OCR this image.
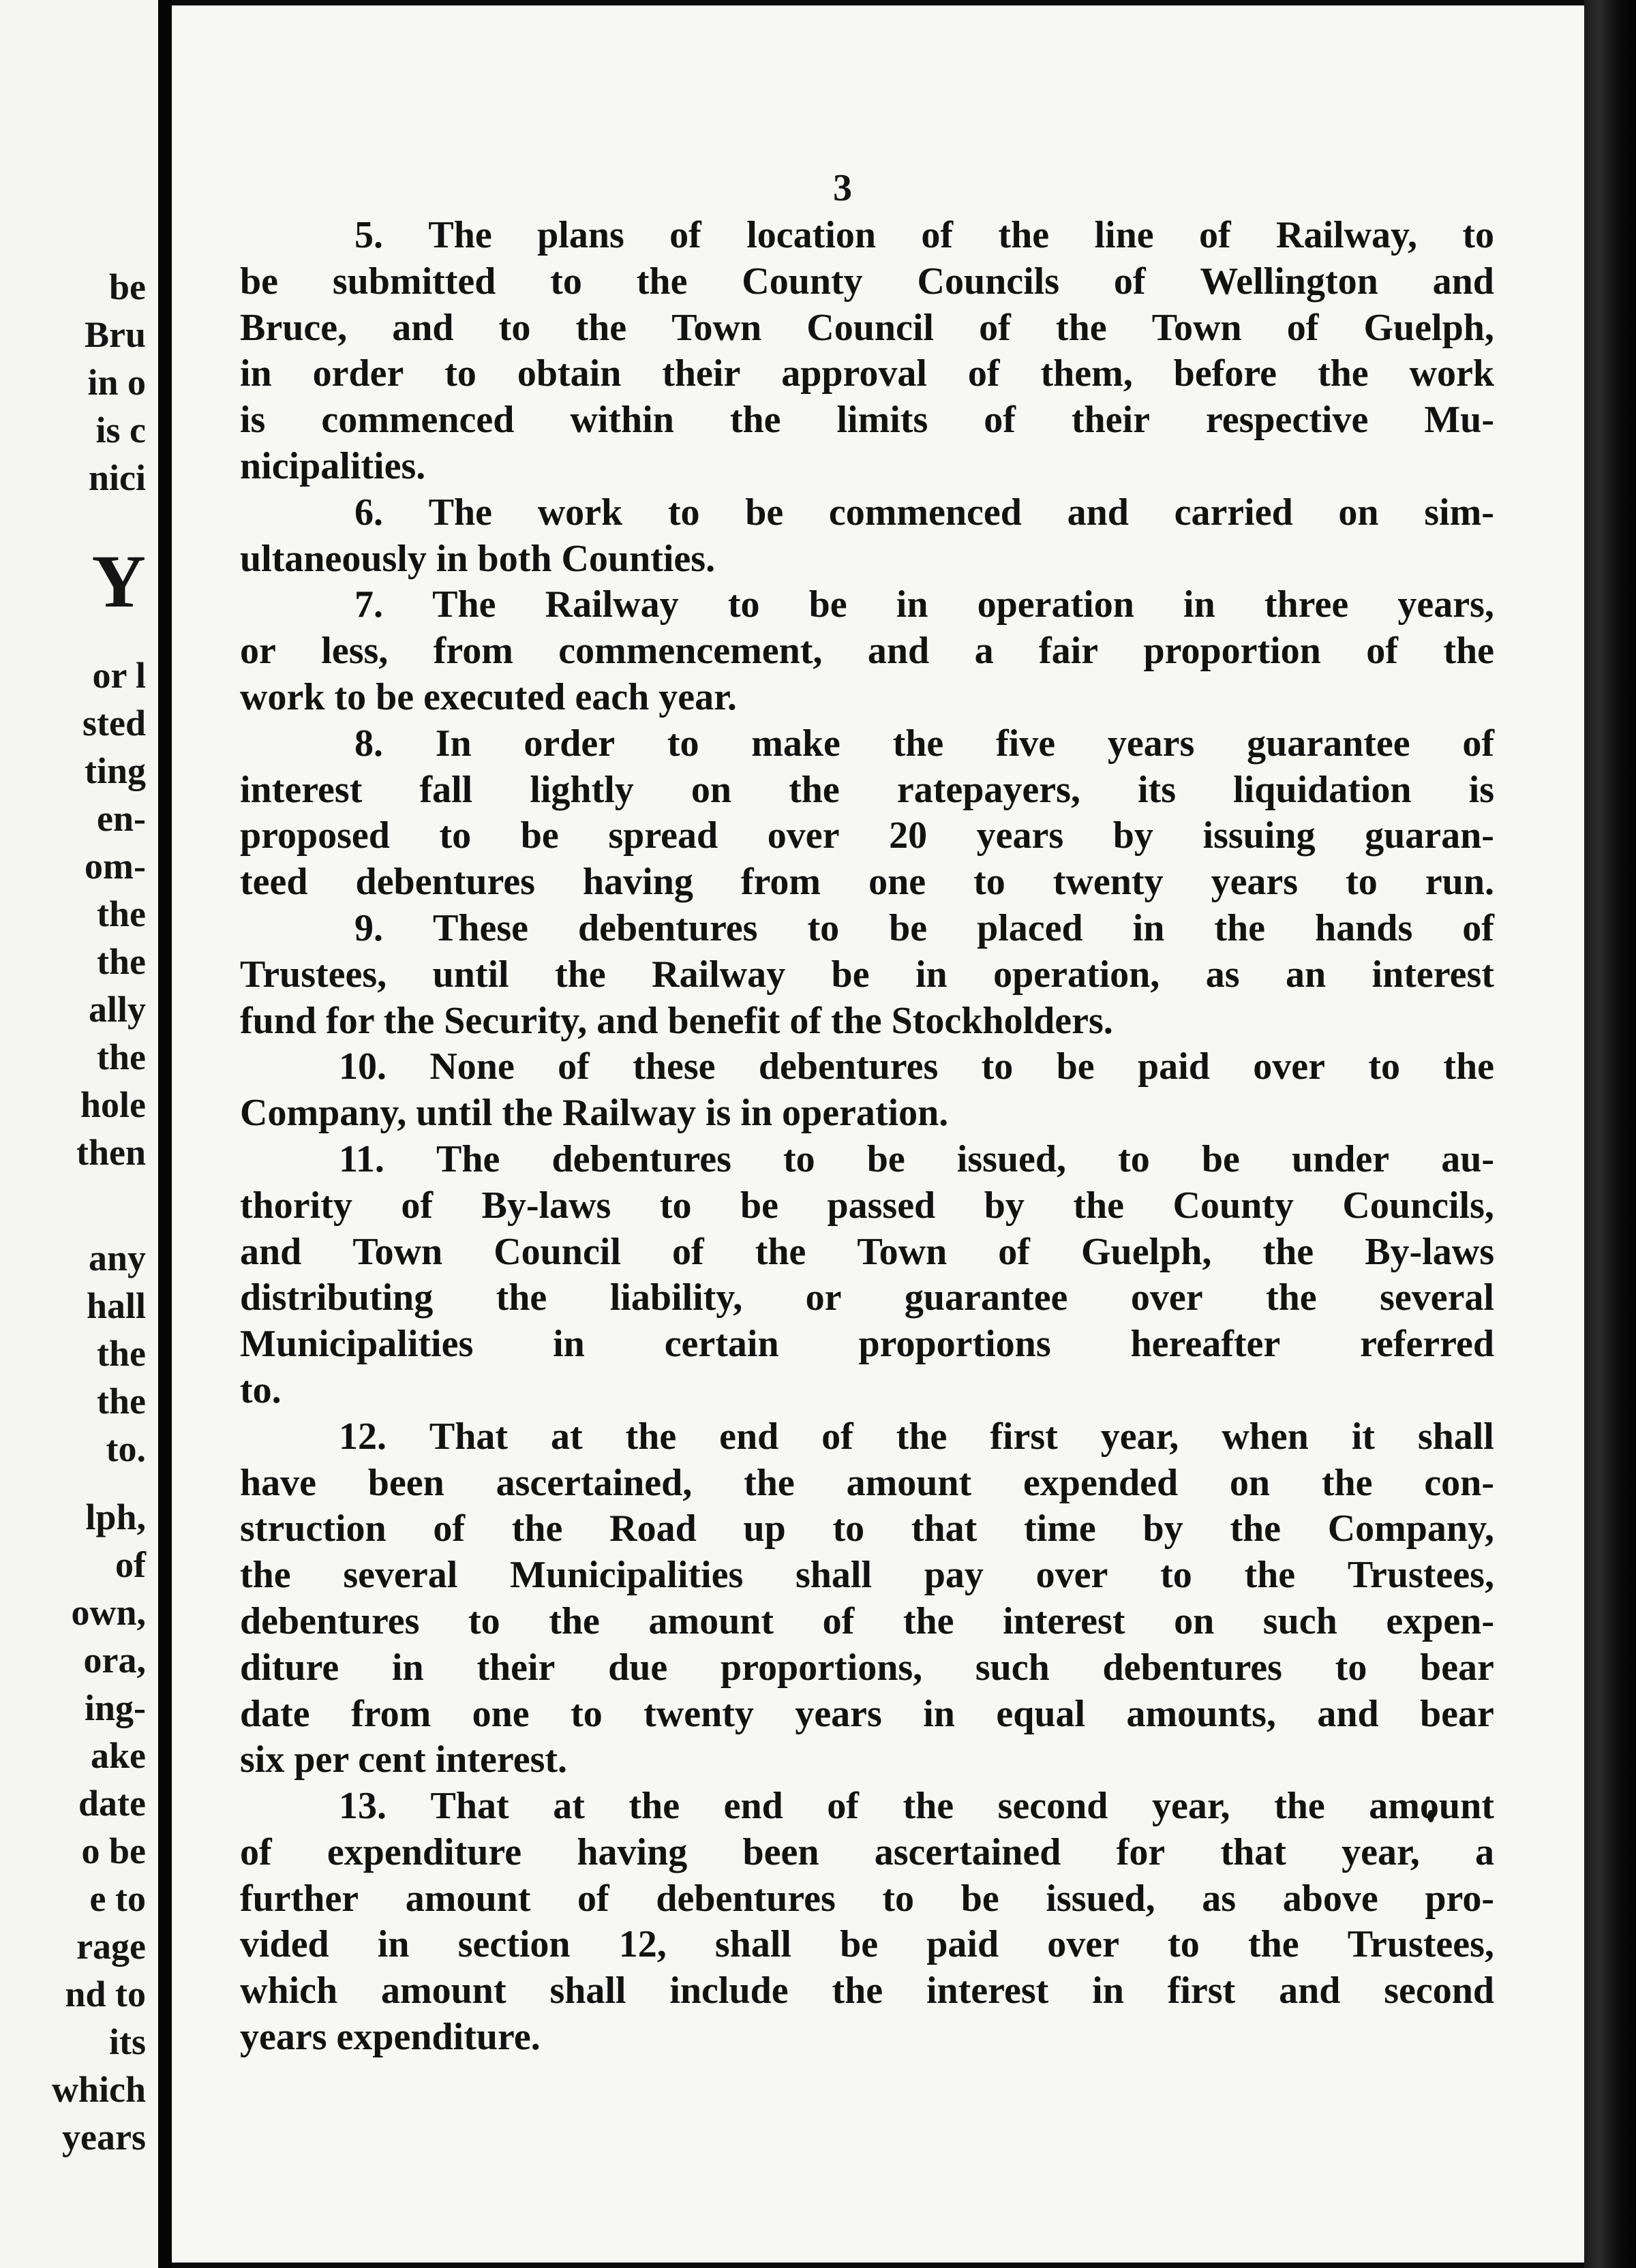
be

Bru

in o

is c

nici

Y

or l

sted

ting

en-

om-

the

the

ally

the

hole

then

any

hall

the

the

to.

lph,

of

own,

ora,

ing-

ake

date

o be

e to

rage

nd to

its

which

years

3

5. The plans of location of the line of Railway, to
be submitted to the County Councils of Wellington and
Bruce, and to the Town Council of the Town of Guelph,
in order to obtain their approval of them, before the work
is commenced within the limits of their respective Mu-
nicipalities.
6. The work to be commenced and carried on sim-
ultaneously in both Counties.
7. The Railway to be in operation in three years,
or less, from commencement, and a fair proportion of the
work to be executed each year.
8. In order to make the five years guarantee of
interest fall lightly on the ratepayers, its liquidation is
proposed to be spread over 20 years by issuing guaran-
teed debentures having from one to twenty years to run.
9. These debentures to be placed in the hands of
Trustees, until the Railway be in operation, as an interest
fund for the Security, and benefit of the Stockholders.
10. None of these debentures to be paid over to the
Company, until the Railway is in operation.
11. The debentures to be issued, to be under au-
thority of By-laws to be passed by the County Councils,
and Town Council of the Town of Guelph, the By-laws
distributing the liability, or guarantee over the several
Municipalities in certain proportions hereafter referred
to.
12. That at the end of the first year, when it shall
have been ascertained, the amount expended on the con-
struction of the Road up to that time by the Company,
the several Municipalities shall pay over to the Trustees,
debentures to the amount of the interest on such expen-
diture in their due proportions, such debentures to bear
date from one to twenty years in equal amounts, and bear
six per cent interest.
13. That at the end of the second year, the amount
of expenditure having been ascertained for that year, a
further amount of debentures to be issued, as above pro-
vided in section 12, shall be paid over to the Trustees,
which amount shall include the interest in first and second
years expenditure.
